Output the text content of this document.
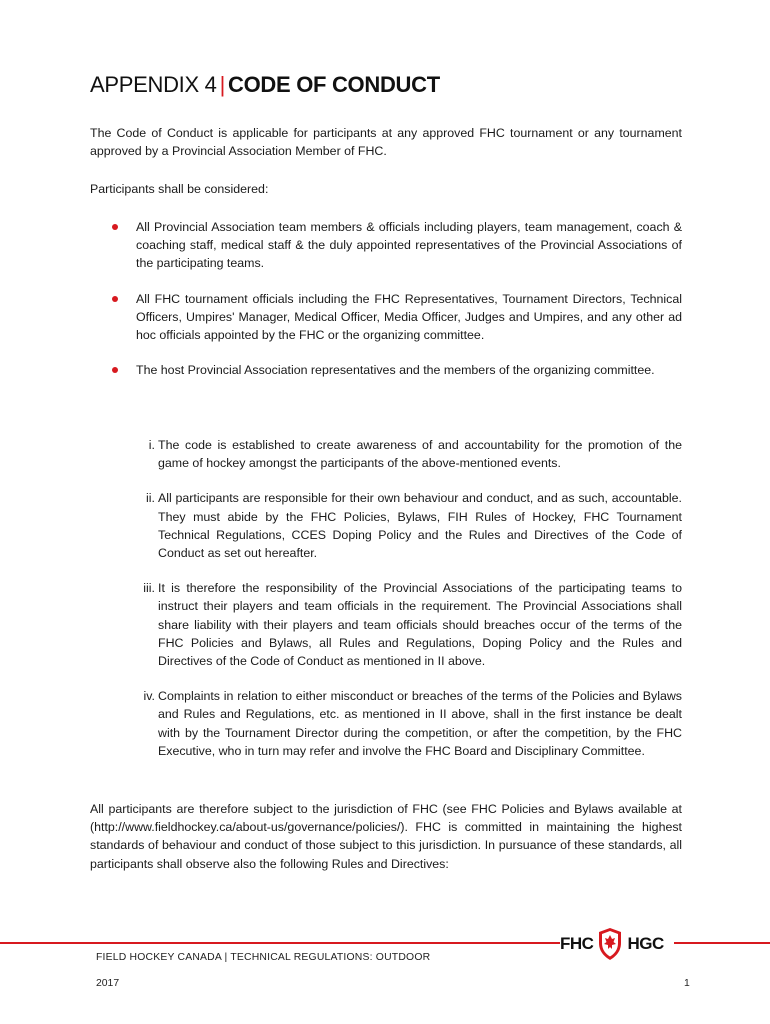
APPENDIX 4 | CODE OF CONDUCT

The Code of Conduct is applicable for participants at any approved FHC tournament or any tournament approved by a Provincial Association Member of FHC.

Participants shall be considered:

All Provincial Association team members & officials including players, team management, coach & coaching staff, medical staff & the duly appointed representatives of the Provincial Associations of the participating teams.
All FHC tournament officials including the FHC Representatives, Tournament Directors, Technical Officers, Umpires' Manager, Medical Officer, Media Officer, Judges and Umpires, and any other ad hoc officials appointed by the FHC or the organizing committee.
The host Provincial Association representatives and the members of the organizing committee.
i. The code is established to create awareness of and accountability for the promotion of the game of hockey amongst the participants of the above-mentioned events.
ii. All participants are responsible for their own behaviour and conduct, and as such, accountable. They must abide by the FHC Policies, Bylaws, FIH Rules of Hockey, FHC Tournament Technical Regulations, CCES Doping Policy and the Rules and Directives of the Code of Conduct as set out hereafter.
iii. It is therefore the responsibility of the Provincial Associations of the participating teams to instruct their players and team officials in the requirement. The Provincial Associations shall share liability with their players and team officials should breaches occur of the terms of the FHC Policies and Bylaws, all Rules and Regulations, Doping Policy and the Rules and Directives of the Code of Conduct as mentioned in II above.
iv. Complaints in relation to either misconduct or breaches of the terms of the Policies and Bylaws and Rules and Regulations, etc. as mentioned in II above, shall in the first instance be dealt with by the Tournament Director during the competition, or after the competition, by the FHC Executive, who in turn may refer and involve the FHC Board and Disciplinary Committee.

All participants are therefore subject to the jurisdiction of FHC (see FHC Policies and Bylaws available at (http://www.fieldhockey.ca/about-us/governance/policies/). FHC is committed in maintaining the highest standards of behaviour and conduct of those subject to this jurisdiction. In pursuance of these standards, all participants shall observe also the following Rules and Directives:

FHC HGC
FIELD HOCKEY CANADA | TECHNICAL REGULATIONS: OUTDOOR
2017	1
